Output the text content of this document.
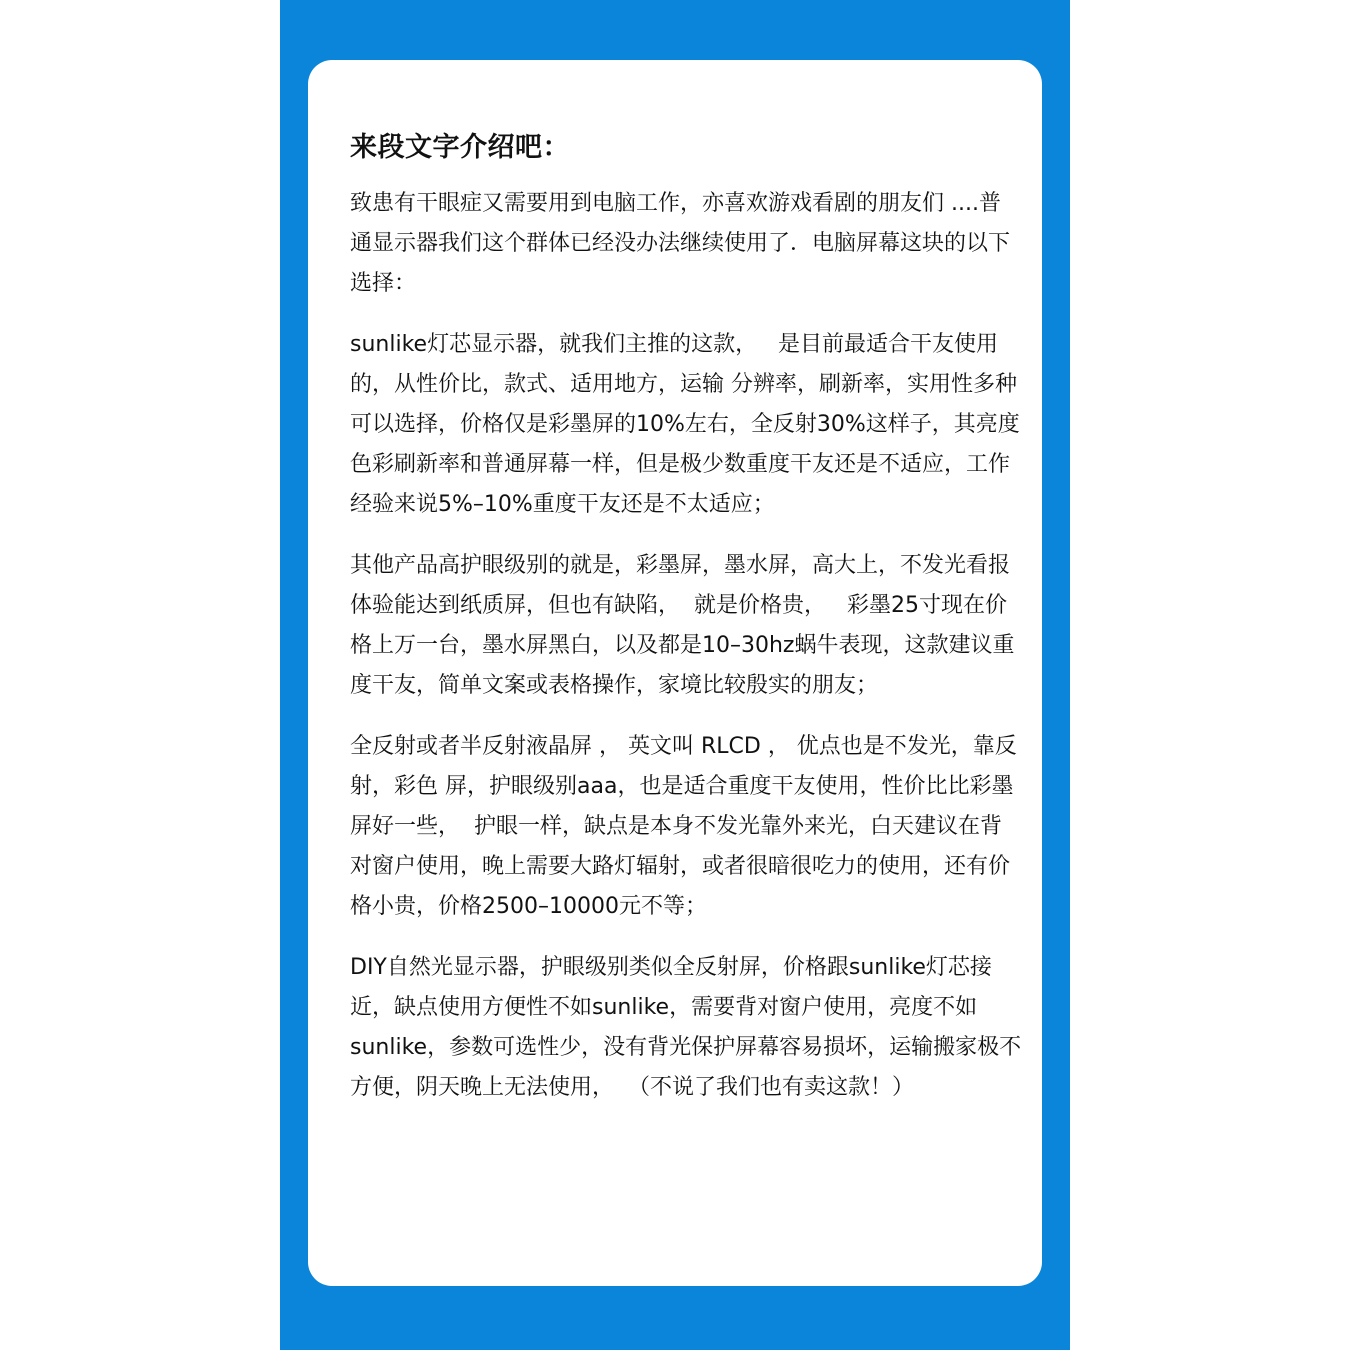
来段文字介绍吧：

致患有干眼症又需要用到电脑工作，亦喜欢游戏看剧的朋友们 ....普通显示器我们这个群体已经没办法继续使用了．电脑屏幕这块的以下选择：

sunlike灯芯显示器，就我们主推的这款，   是目前最适合干友使用的，从性价比，款式、适用地方，运输 分辨率，刷新率，实用性多种可以选择，价格仅是彩墨屏的10%左右，全反射30%这样子，其亮度色彩刷新率和普通屏幕一样，但是极少数重度干友还是不适应，工作经验来说5%–10%重度干友还是不太适应；

其他产品高护眼级别的就是，彩墨屏，墨水屏，高大上，不发光看报体验能达到纸质屏，但也有缺陷，  就是价格贵，   彩墨25寸现在价格上万一台，墨水屏黑白，以及都是10–30hz蜗牛表现，这款建议重度干友，简单文案或表格操作，家境比较殷实的朋友；

全反射或者半反射液晶屏 ， 英文叫 RLCD ， 优点也是不发光，靠反射，彩色 屏，护眼级别aaa，也是适合重度干友使用，性价比比彩墨屏好一些，  护眼一样，缺点是本身不发光靠外来光，白天建议在背对窗户使用，晚上需要大路灯辐射，或者很暗很吃力的使用，还有价格小贵，价格2500–10000元不等；

DIY自然光显示器，护眼级别类似全反射屏，价格跟sunlike灯芯接近，缺点使用方便性不如sunlike，需要背对窗户使用，亮度不如sunlike，参数可选性少，没有背光保护屏幕容易损坏，运输搬家极不方便，阴天晚上无法使用，  （不说了我们也有卖这款！）
